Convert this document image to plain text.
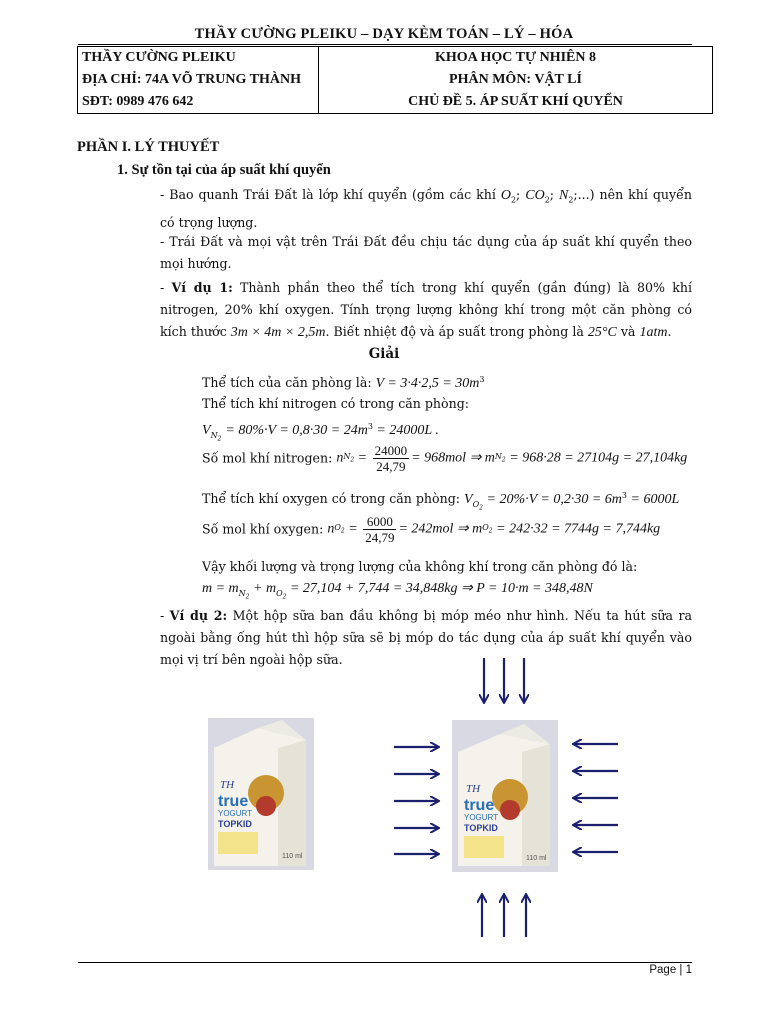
THẦY CƯỜNG PLEIKU – DẠY KÈM TOÁN – LÝ – HÓA
THẦY CƯỜNG PLEIKU	KHOA HỌC TỰ NHIÊN 8
ĐỊA CHỈ: 74A VÕ TRUNG THÀNH	PHÂN MÔN: VẬT LÍ
SĐT: 0989 476 642	CHỦ ĐỀ 5. ÁP SUẤT KHÍ QUYỂN
PHẦN I. LÝ THUYẾT
1. Sự tồn tại của áp suất khí quyển
- Bao quanh Trái Đất là lớp khí quyển (gồm các khí $O_2$; $CO_2$; $N_2$;...) nên khí quyển có trọng lượng.
- Trái Đất và mọi vật trên Trái Đất đều chịu tác dụng của áp suất khí quyển theo mọi hướng.
- Ví dụ 1: Thành phần theo thể tích trong khí quyển (gần đúng) là 80% khí nitrogen, 20% khí oxygen. Tính trọng lượng không khí trong một căn phòng có kích thước 3m × 4m × 2,5m. Biết nhiệt độ và áp suất trong phòng là 25°C và 1atm.
Giải
Thể tích của căn phòng là: $V = 3\cdot 4\cdot 2,5 = 30m^3$
Thể tích khí nitrogen có trong căn phòng:
$V_{N_2} = 80\%\cdot V = 0,8\cdot 30 = 24m^3 = 24000L$ .
Số mol khí nitrogen: $nN_2 = \frac{24000}{24,79} = 968mol$ ⇒ $mN_2 = 968\cdot 28 = 27104g = 27,104kg$
Thể tích khí oxygen có trong căn phòng: $V_{O_2} = 20\%\cdot V = 0,2\cdot 30 = 6m^3 = 6000L$
Số mol khí oxygen: $nO_2 = \frac{6000}{24,79} = 242mol$ ⇒ $mO_2 = 242\cdot 32 = 7744g = 7,744kg$
Vậy khối lượng và trọng lượng của không khí trong căn phòng đó là:
$m = m_{N_2} + m_{O_2} = 27,104 + 7,744 = 34,848kg$ ⇒ P = 10·m = 348,48N
- Ví dụ 2: Một hộp sữa ban đầu không bị móp méo như hình. Nếu ta hút sữa ra ngoài bằng ống hút thì hộp sữa sẽ bị móp do tác dụng của áp suất khí quyển vào mọi vị trí bên ngoài hộp sữa.
TH
true
YOGURT
TOPKID
110 ml
TH
true
YOGURT
TOPKID
110 ml
Page | 1
